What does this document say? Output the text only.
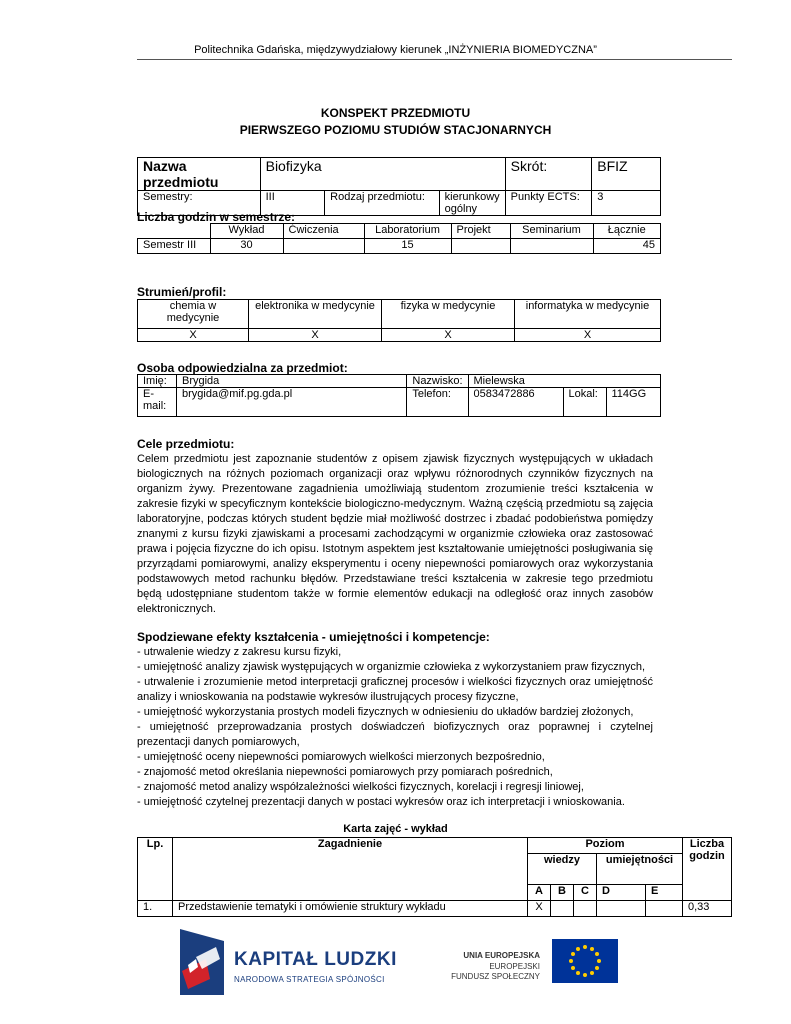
Politechnika Gdańska, międzywydziałowy kierunek „INŻYNIERIA BIOMEDYCZNA”
KONSPEKT PRZEDMIOTU
PIERWSZEGO POZIOMU STUDIÓW STACJONARNYCH
Nazwa przedmiotu	Biofizyka			Skrót:	BFIZ
Semestry:	III	Rodzaj przedmiotu:	kierunkowy ogólny	Punkty ECTS:	3
Liczba godzin w semestrze:
	Wykład	Ćwiczenia	Laboratorium	Projekt	Seminarium	Łącznie
Semestr III	30		15			45
Strumień/profil:
chemia w medycynie	elektronika w medycynie	fizyka w medycynie	informatyka w medycynie
X	X	X	X
Osoba odpowiedzialna za przedmiot:
Imię:	Brygida	Nazwisko:	Mielewska		
E-mail:	brygida@mif.pg.gda.pl	Telefon:	0583472886	Lokal:	114GG
Cele przedmiotu:
Celem przedmiotu jest zapoznanie studentów z opisem zjawisk fizycznych występujących w układach biologicznych na różnych poziomach organizacji oraz wpływu różnorodnych czynników fizycznych na organizm żywy. Prezentowane zagadnienia umożliwiają studentom zrozumienie treści kształcenia w zakresie fizyki w specyficznym kontekście biologiczno-medycznym. Ważną częścią przedmiotu są zajęcia laboratoryjne, podczas których student będzie miał możliwość dostrzec i zbadać podobieństwa pomiędzy znanymi z kursu fizyki zjawiskami a procesami zachodzącymi w organizmie człowieka oraz zastosować prawa i pojęcia fizyczne do ich opisu. Istotnym aspektem jest kształtowanie umiejętności posługiwania się przyrządami pomiarowymi, analizy eksperymentu i oceny niepewności pomiarowych oraz wykorzystania podstawowych metod rachunku błędów. Przedstawiane treści kształcenia w zakresie tego przedmiotu będą udostępniane studentom także w formie elementów edukacji na odległość oraz innych zasobów elektronicznych.
Spodziewane efekty kształcenia - umiejętności i kompetencje:
- utrwalenie wiedzy z zakresu kursu fizyki,
- umiejętność analizy zjawisk występujących w organizmie człowieka z wykorzystaniem praw fizycznych,
- utrwalenie i zrozumienie metod interpretacji graficznej procesów i wielkości fizycznych oraz umiejętność analizy i wnioskowania na podstawie wykresów ilustrujących procesy fizyczne,
- umiejętność wykorzystania prostych modeli fizycznych w odniesieniu do układów bardziej złożonych,
- umiejętność przeprowadzania prostych doświadczeń biofizycznych oraz poprawnej i czytelnej prezentacji danych pomiarowych,
- umiejętność oceny niepewności pomiarowych wielkości mierzonych bezpośrednio,
- znajomość metod określania niepewności pomiarowych przy pomiarach pośrednich,
- znajomość metod analizy współzależności wielkości fizycznych, korelacji i regresji liniowej,
- umiejętność czytelnej prezentacji danych w postaci wykresów oraz ich interpretacji i wnioskowania.
Karta zajęć - wykład
Lp.	Zagadnienie	Poziom					Liczba godzin
		wiedzy			umiejętności		
		A	B	C	D	E	
1.	Przedstawienie tematyki i omówienie struktury wykładu	X					0,33
KAPITAŁ LUDZKI
NARODOWA STRATEGIA SPÓJNOŚCI
UNIA EUROPEJSKA
EUROPEJSKI
FUNDUSZ SPOŁECZNY
